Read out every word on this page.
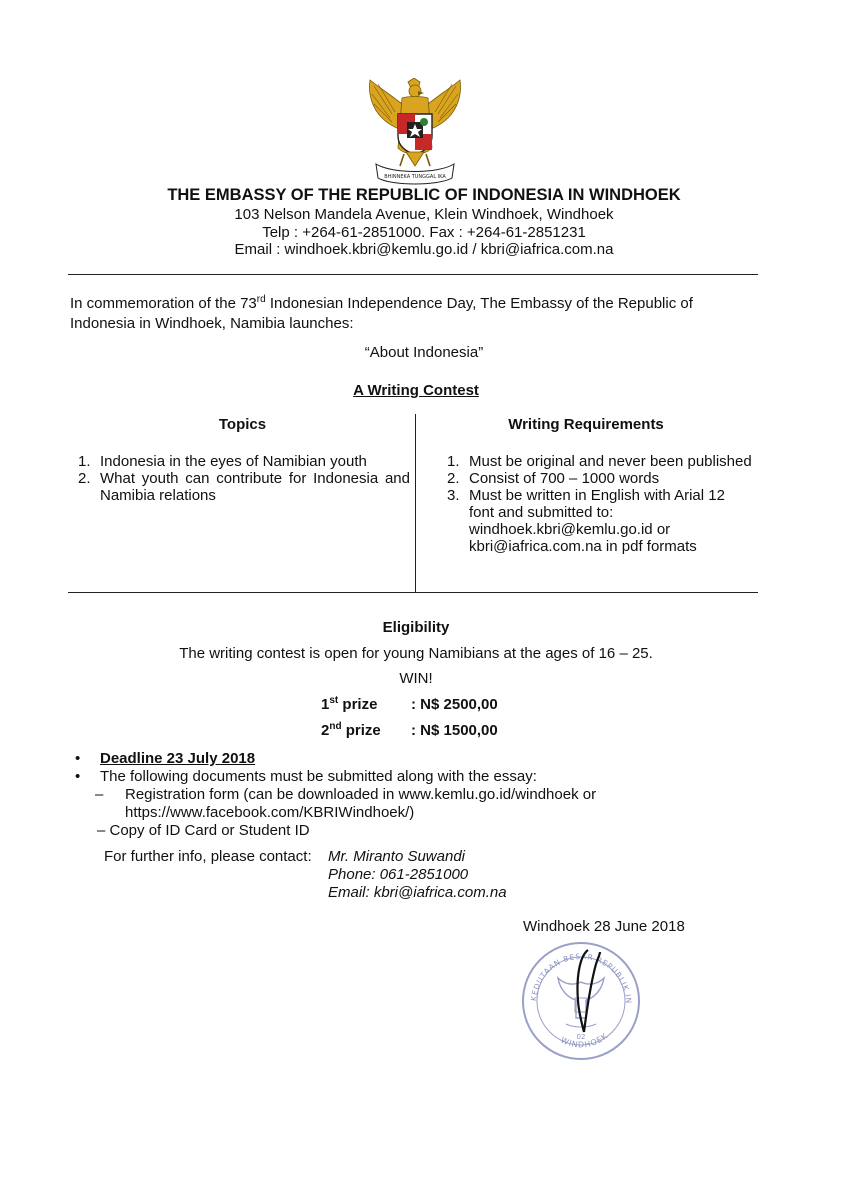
BHINNEKA TUNGGAL IKA
THE EMBASSY OF THE REPUBLIC OF INDONESIA IN WINDHOEK
103 Nelson Mandela Avenue, Klein Windhoek, Windhoek
Telp : +264-61-2851000. Fax : +264-61-2851231
Email : windhoek.kbri@kemlu.go.id / kbri@iafrica.com.na
In commemoration of the 73rd Indonesian Independence Day, The Embassy of the Republic of Indonesia in Windhoek, Namibia launches:
“About Indonesia”
A Writing Contest
Topics
1. Indonesia in the eyes of Namibian youth
2. What youth can contribute for Indonesia and Namibia relations
Writing Requirements
1. Must be original and never been published
2. Consist of 700 – 1000 words
3. Must be written in English with Arial 12 font and submitted to: windhoek.kbri@kemlu.go.id or kbri@iafrica.com.na in pdf formats
Eligibility
The writing contest is open for young Namibians at the ages of 16 – 25.
WIN!
1st prize : N$ 2500,00
2nd prize : N$ 1500,00
•	Deadline 23 July 2018
•	The following documents must be submitted along with the essay:
–	Registration form (can be downloaded in www.kemlu.go.id/windhoek or
https://www.facebook.com/KBRIWindhoek/)
– Copy of ID Card or Student ID
For further info, please contact: Mr. Miranto Suwandi
Phone: 061-2851000
Email: kbri@iafrica.com.na
Windhoek 28 June 2018
KEDUTAAN BESAR REPUBLIK IN
WINDHOEK
02
